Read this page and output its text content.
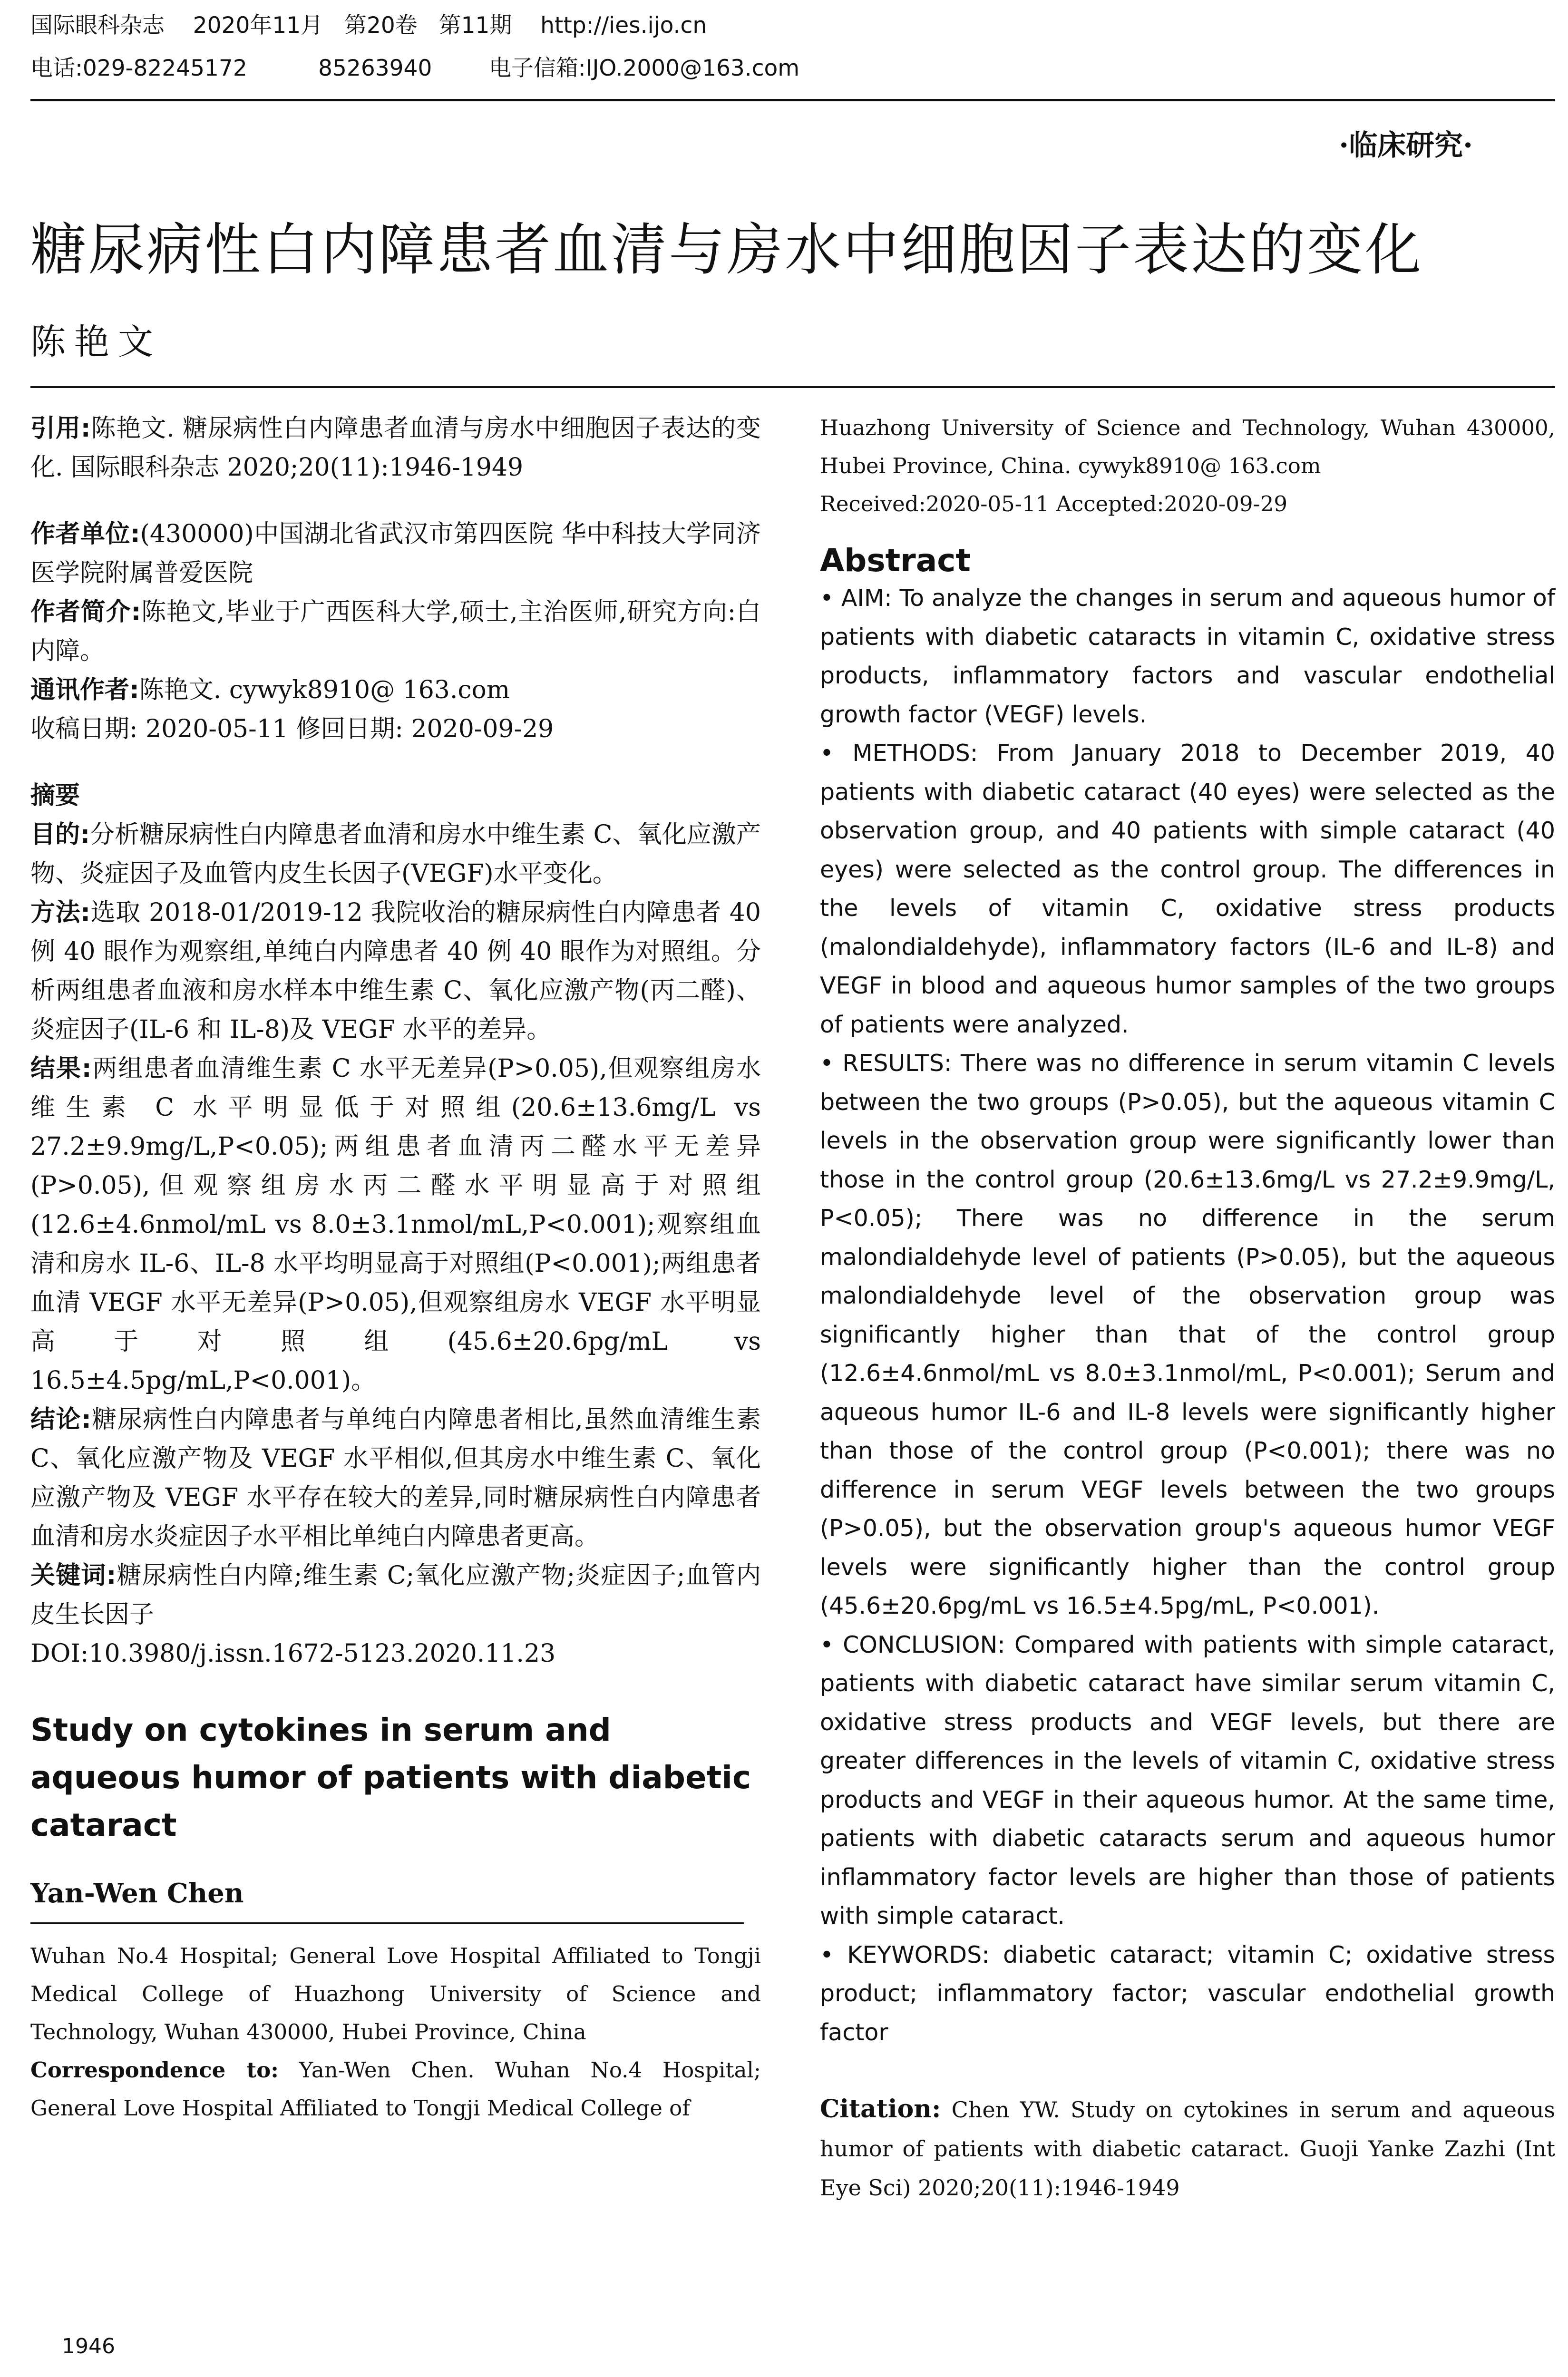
国际眼科杂志    2020年11月   第20卷   第11期    http://ies.ijo.cn
电话:029-82245172          85263940        电子信箱:IJO.2000@163.com
·临床研究·
糖尿病性白内障患者血清与房水中细胞因子表达的变化
陈艳文

引用:陈艳文. 糖尿病性白内障患者血清与房水中细胞因子表达的变化. 国际眼科杂志 2020;20(11):1946-1949

作者单位:(430000)中国湖北省武汉市第四医院 华中科技大学同济医学院附属普爱医院

作者简介:陈艳文,毕业于广西医科大学,硕士,主治医师,研究方向:白内障。

通讯作者:陈艳文. cywyk8910@ 163.com

收稿日期: 2020-05-11 修回日期: 2020-09-29

摘要

目的:分析糖尿病性白内障患者血清和房水中维生素 C、氧化应激产物、炎症因子及血管内皮生长因子(VEGF)水平变化。

方法:选取 2018-01/2019-12 我院收治的糖尿病性白内障患者 40 例 40 眼作为观察组,单纯白内障患者 40 例 40 眼作为对照组。分析两组患者血液和房水样本中维生素 C、氧化应激产物(丙二醛)、炎症因子(IL-6 和 IL-8)及 VEGF 水平的差异。

结果:两组患者血清维生素 C 水平无差异(P>0.05),但观察组房水维生素 C 水平明显低于对照组(20.6±13.6mg/L vs 27.2±9.9mg/L,P<0.05);两组患者血清丙二醛水平无差异(P>0.05),但观察组房水丙二醛水平明显高于对照组(12.6±4.6nmol/mL vs 8.0±3.1nmol/mL,P<0.001);观察组血清和房水 IL-6、IL-8 水平均明显高于对照组(P<0.001);两组患者血清 VEGF 水平无差异(P>0.05),但观察组房水 VEGF 水平明显高于对照组(45.6±20.6pg/mL vs 16.5±4.5pg/mL,P<0.001)。

结论:糖尿病性白内障患者与单纯白内障患者相比,虽然血清维生素 C、氧化应激产物及 VEGF 水平相似,但其房水中维生素 C、氧化应激产物及 VEGF 水平存在较大的差异,同时糖尿病性白内障患者血清和房水炎症因子水平相比单纯白内障患者更高。

关键词:糖尿病性白内障;维生素 C;氧化应激产物;炎症因子;血管内皮生长因子

DOI:10.3980/j.issn.1672-5123.2020.11.23

Study on cytokines in serum and aqueous humor of patients with diabetic cataract

Yan-Wen Chen

Wuhan No.4 Hospital; General Love Hospital Affiliated to Tongji Medical College of Huazhong University of Science and Technology, Wuhan 430000, Hubei Province, China

Correspondence to: Yan-Wen Chen. Wuhan No.4 Hospital; General Love Hospital Affiliated to Tongji Medical College of

Huazhong University of Science and Technology, Wuhan 430000, Hubei Province, China. cywyk8910@ 163.com

Received:2020-05-11 Accepted:2020-09-29

Abstract

• AIM: To analyze the changes in serum and aqueous humor of patients with diabetic cataracts in vitamin C, oxidative stress products, inflammatory factors and vascular endothelial growth factor (VEGF) levels.

• METHODS: From January 2018 to December 2019, 40 patients with diabetic cataract (40 eyes) were selected as the observation group, and 40 patients with simple cataract (40 eyes) were selected as the control group. The differences in the levels of vitamin C, oxidative stress products (malondialdehyde), inflammatory factors (IL-6 and IL-8) and VEGF in blood and aqueous humor samples of the two groups of patients were analyzed.

• RESULTS: There was no difference in serum vitamin C levels between the two groups (P>0.05), but the aqueous vitamin C levels in the observation group were significantly lower than those in the control group (20.6±13.6mg/L vs 27.2±9.9mg/L, P<0.05); There was no difference in the serum malondialdehyde level of patients (P>0.05), but the aqueous malondialdehyde level of the observation group was significantly higher than that of the control group (12.6±4.6nmol/mL vs 8.0±3.1nmol/mL, P<0.001); Serum and aqueous humor IL-6 and IL-8 levels were significantly higher than those of the control group (P<0.001); there was no difference in serum VEGF levels between the two groups (P>0.05), but the observation group's aqueous humor VEGF levels were significantly higher than the control group (45.6±20.6pg/mL vs 16.5±4.5pg/mL, P<0.001).

• CONCLUSION: Compared with patients with simple cataract, patients with diabetic cataract have similar serum vitamin C, oxidative stress products and VEGF levels, but there are greater differences in the levels of vitamin C, oxidative stress products and VEGF in their aqueous humor. At the same time, patients with diabetic cataracts serum and aqueous humor inflammatory factor levels are higher than those of patients with simple cataract.

• KEYWORDS: diabetic cataract; vitamin C; oxidative stress product; inflammatory factor; vascular endothelial growth factor

Citation: Chen YW. Study on cytokines in serum and aqueous humor of patients with diabetic cataract. Guoji Yanke Zazhi (Int Eye Sci) 2020;20(11):1946-1949

1946
